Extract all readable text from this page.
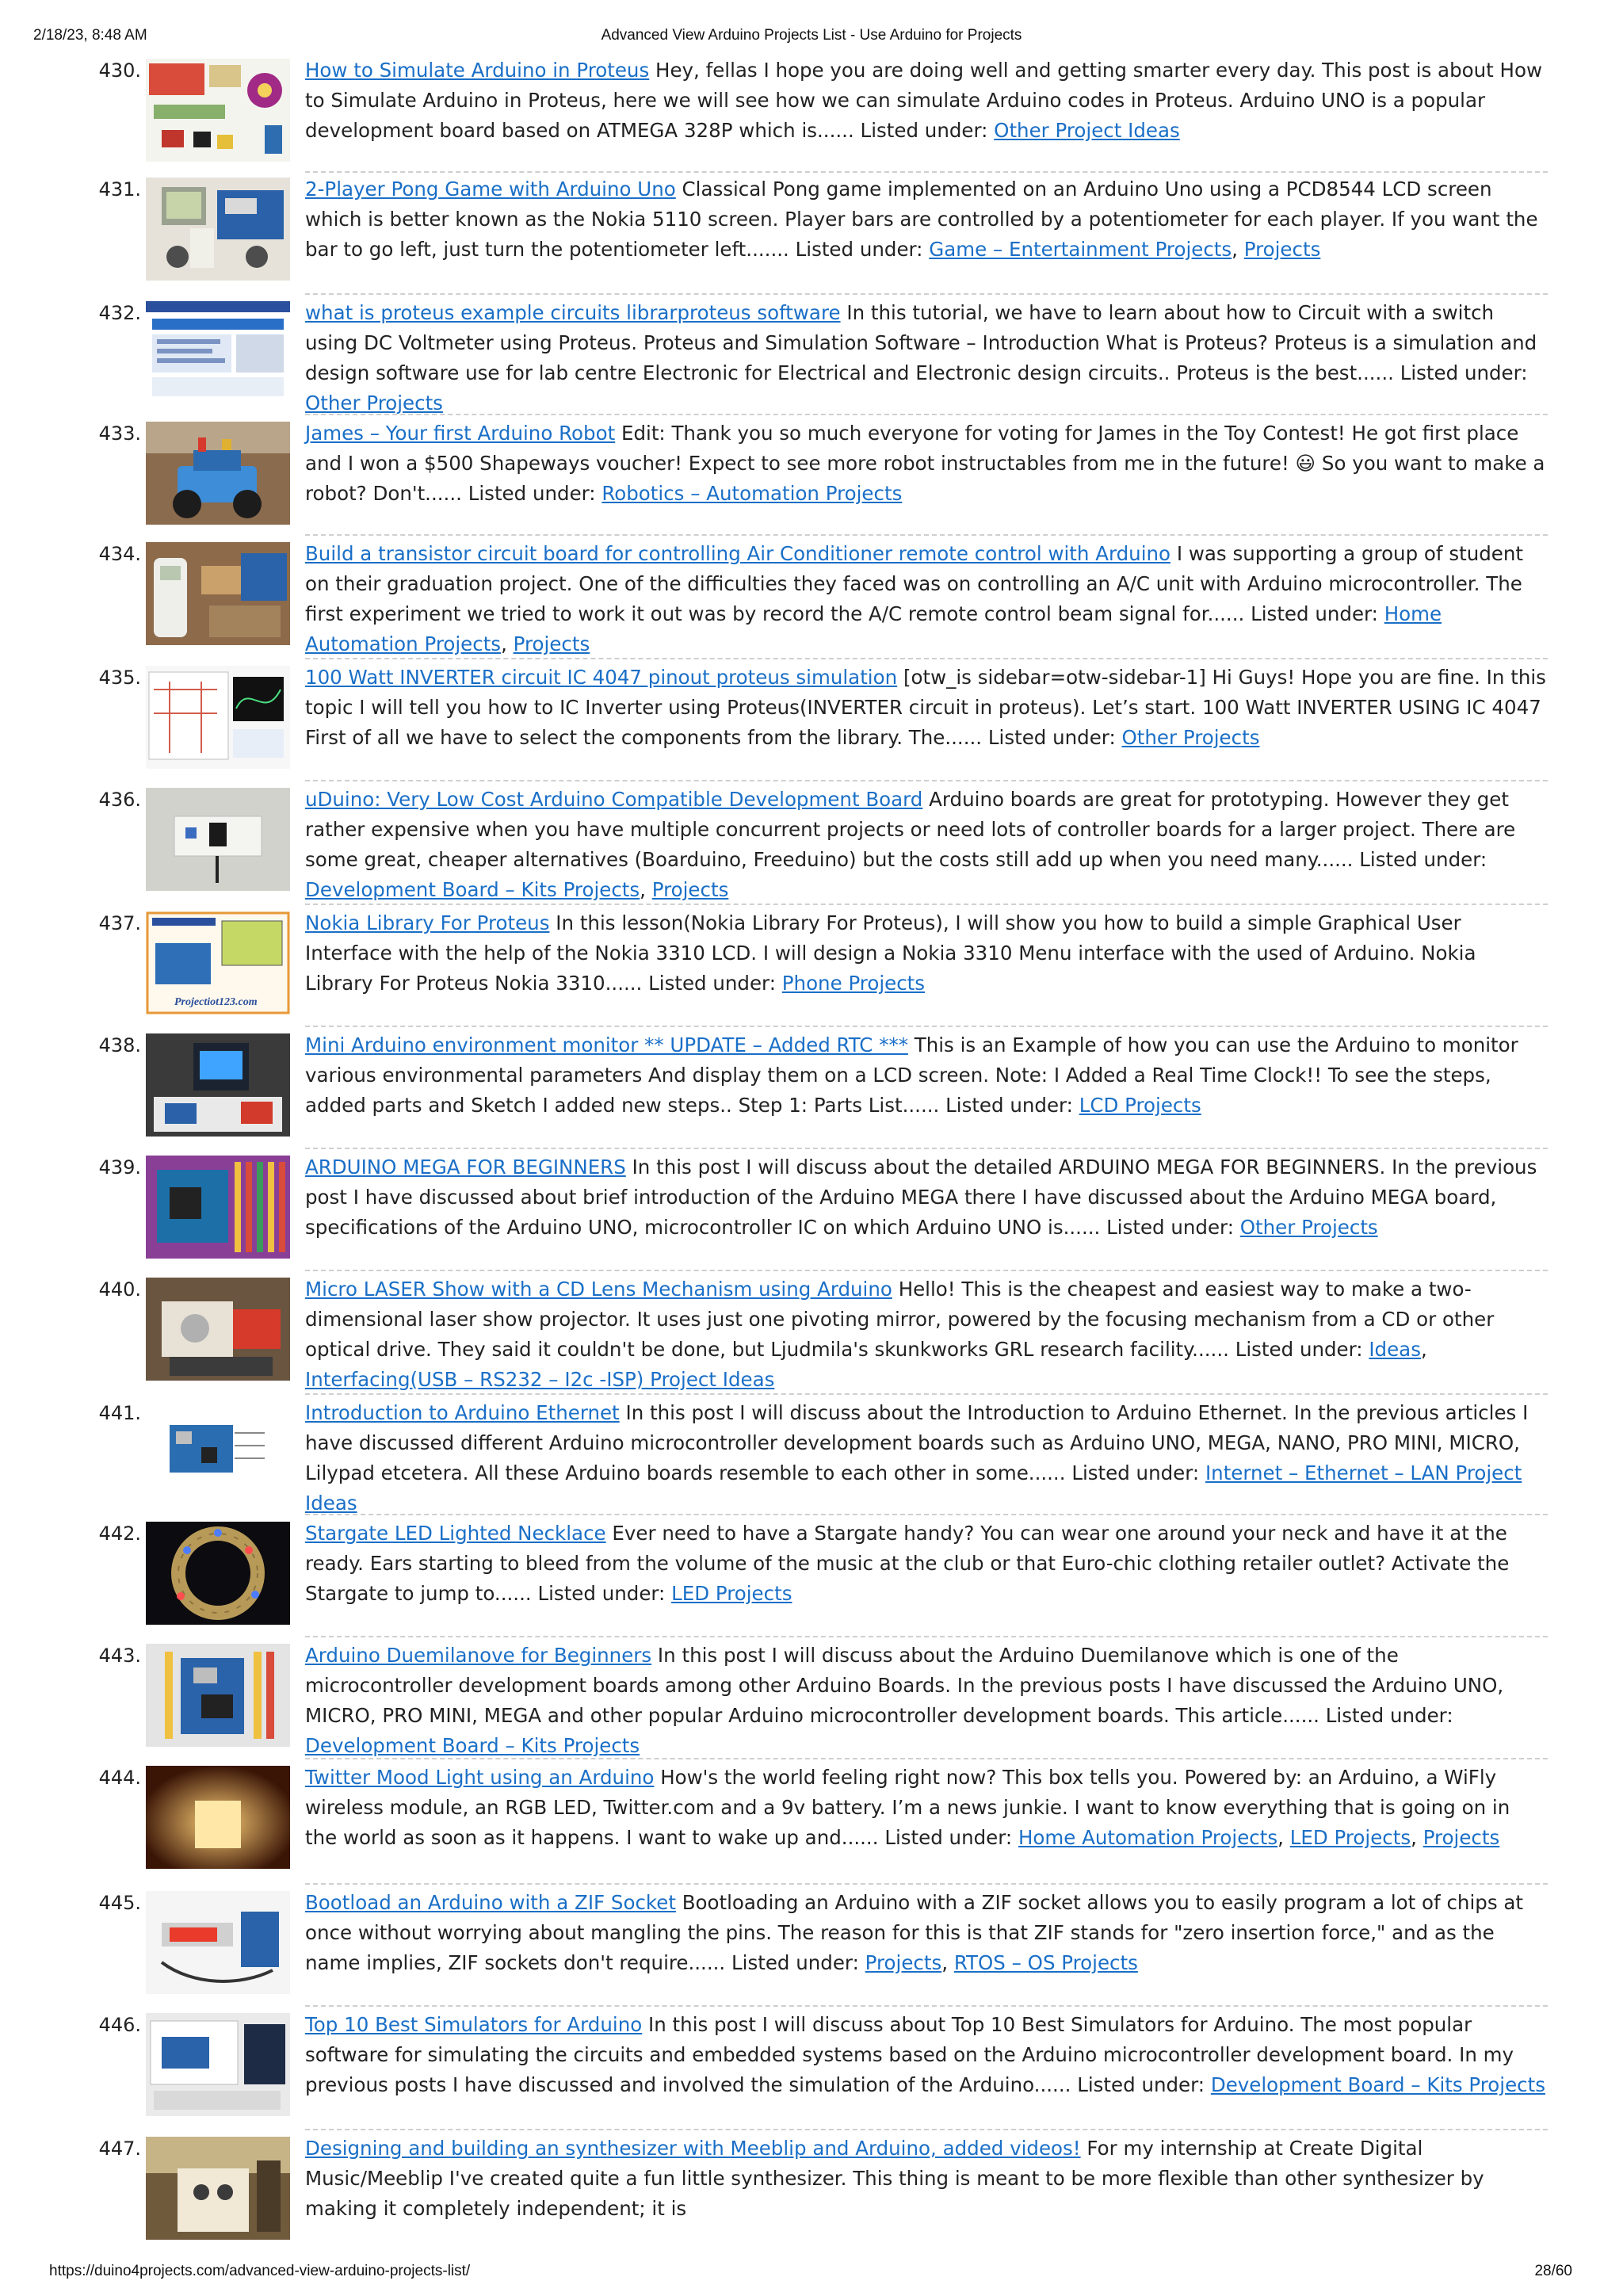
2/18/23, 8:48 AM	Advanced View Arduino Projects List - Use Arduino for Projects
430.	How to Simulate Arduino in Proteus Hey, fellas I hope you are doing well and getting smarter every day. This post is about How to Simulate Arduino in Proteus, here we will see how we can simulate Arduino codes in Proteus. Arduino UNO is a popular development board based on ATMEGA 328P which is...... Listed under: Other Project Ideas
431.	2-Player Pong Game with Arduino Uno Classical Pong game implemented on an Arduino Uno using a PCD8544 LCD screen which is better known as the Nokia 5110 screen. Player bars are controlled by a potentiometer for each player. If you want the bar to go left, just turn the potentiometer left....... Listed under: Game – Entertainment Projects, Projects
432.	what is proteus example circuits librarproteus software In this tutorial, we have to learn about how to Circuit with a switch using DC Voltmeter using Proteus. Proteus and Simulation Software – Introduction What is Proteus? Proteus is a simulation and design software use for lab centre Electronic for Electrical and Electronic design circuits.. Proteus is the best...... Listed under: Other Projects
433.	James – Your first Arduino Robot Edit: Thank you so much everyone for voting for James in the Toy Contest! He got first place and I won a $500 Shapeways voucher! Expect to see more robot instructables from me in the future! 😃 So you want to make a robot? Don't...... Listed under: Robotics – Automation Projects
434.	Build a transistor circuit board for controlling Air Conditioner remote control with Arduino I was supporting a group of student on their graduation project. One of the difficulties they faced was on controlling an A/C unit with Arduino microcontroller. The first experiment we tried to work it out was by record the A/C remote control beam signal for...... Listed under: Home Automation Projects, Projects
435.	100 Watt INVERTER circuit IC 4047 pinout proteus simulation [otw_is sidebar=otw-sidebar-1] Hi Guys! Hope you are fine. In this topic I will tell you how to IC Inverter using Proteus(INVERTER circuit in proteus). Let’s start. 100 Watt INVERTER USING IC 4047 First of all we have to select the components from the library. The...... Listed under: Other Projects
436.	uDuino: Very Low Cost Arduino Compatible Development Board Arduino boards are great for prototyping. However they get rather expensive when you have multiple concurrent projects or need lots of controller boards for a larger project. There are some great, cheaper alternatives (Boarduino, Freeduino) but the costs still add up when you need many...... Listed under: Development Board – Kits Projects, Projects
437.
Projectiot123.com
Nokia Library For Proteus In this lesson(Nokia Library For Proteus), I will show you how to build a simple Graphical User Interface with the help of the Nokia 3310 LCD. I will design a Nokia 3310 Menu interface with the used of Arduino. Nokia Library For Proteus Nokia 3310...... Listed under: Phone Projects
438.	Mini Arduino environment monitor ** UPDATE – Added RTC *** This is an Example of how you can use the Arduino to monitor various environmental parameters And display them on a LCD screen. Note: I Added a Real Time Clock!! To see the steps, added parts and Sketch I added new steps.. Step 1: Parts List...... Listed under: LCD Projects
439.	ARDUINO MEGA FOR BEGINNERS In this post I will discuss about the detailed ARDUINO MEGA FOR BEGINNERS. In the previous post I have discussed about brief introduction of the Arduino MEGA there I have discussed about the Arduino MEGA board, specifications of the Arduino UNO, microcontroller IC on which Arduino UNO is...... Listed under: Other Projects
440.	Micro LASER Show with a CD Lens Mechanism using Arduino Hello! This is the cheapest and easiest way to make a two-dimensional laser show projector. It uses just one pivoting mirror, powered by the focusing mechanism from a CD or other optical drive. They said it couldn't be done, but Ljudmila's skunkworks GRL research facility...... Listed under: Ideas, Interfacing(USB – RS232 – I2c -ISP) Project Ideas
441.	Introduction to Arduino Ethernet In this post I will discuss about the Introduction to Arduino Ethernet. In the previous articles I have discussed different Arduino microcontroller development boards such as Arduino UNO, MEGA, NANO, PRO MINI, MICRO, Lilypad etcetera. All these Arduino boards resemble to each other in some...... Listed under: Internet – Ethernet – LAN Project Ideas
442.	Stargate LED Lighted Necklace Ever need to have a Stargate handy? You can wear one around your neck and have it at the ready. Ears starting to bleed from the volume of the music at the club or that Euro-chic clothing retailer outlet? Activate the Stargate to jump to...... Listed under: LED Projects
443.	Arduino Duemilanove for Beginners In this post I will discuss about the Arduino Duemilanove which is one of the microcontroller development boards among other Arduino Boards. In the previous posts I have discussed the Arduino UNO, MICRO, PRO MINI, MEGA and other popular Arduino microcontroller development boards. This article...... Listed under: Development Board – Kits Projects
444.	Twitter Mood Light using an Arduino How's the world feeling right now? This box tells you. Powered by: an Arduino, a WiFly wireless module, an RGB LED, Twitter.com and a 9v battery. I’m a news junkie. I want to know everything that is going on in the world as soon as it happens. I want to wake up and...... Listed under: Home Automation Projects, LED Projects, Projects
445.	Bootload an Arduino with a ZIF Socket Bootloading an Arduino with a ZIF socket allows you to easily program a lot of chips at once without worrying about mangling the pins. The reason for this is that ZIF stands for "zero insertion force," and as the name implies, ZIF sockets don't require...... Listed under: Projects, RTOS – OS Projects
446.	Top 10 Best Simulators for Arduino In this post I will discuss about Top 10 Best Simulators for Arduino. The most popular software for simulating the circuits and embedded systems based on the Arduino microcontroller development board. In my previous posts I have discussed and involved the simulation of the Arduino...... Listed under: Development Board – Kits Projects
447.	Designing and building an synthesizer with Meeblip and Arduino, added videos! For my internship at Create Digital Music/Meeblip I've created quite a fun little synthesizer. This thing is meant to be more flexible than other synthesizer by making it completely independent; it is
https://duino4projects.com/advanced-view-arduino-projects-list/	28/60
